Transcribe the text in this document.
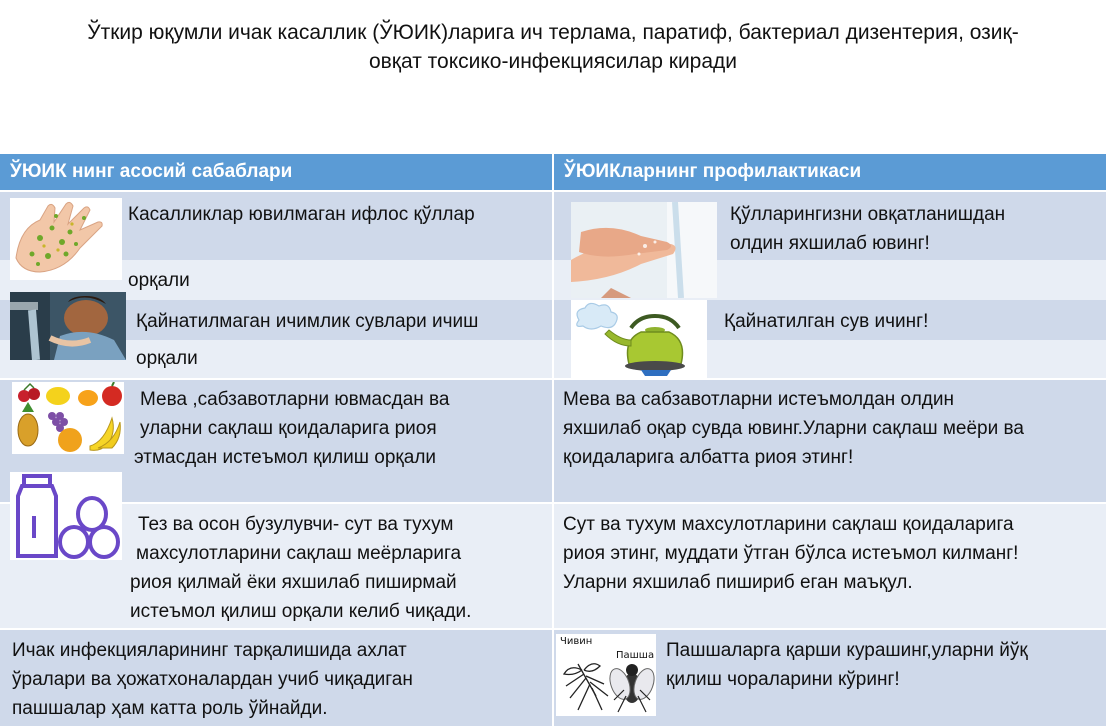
Ўткир юқумли ичак касаллик (ЎЮИК)ларига ич терлама, паратиф, бактериал дизентерия, озиқ-
овқат токсико-инфекциясилар киради
ЎЮИК нинг асосий сабаблари	ЎЮИКларнинг профилактикаси
Касалликлар ювилмаган ифлос қўллар
орқали
Қўлларингизни овқатланишдан
олдин яхшилаб ювинг!
Қайнатилмаган ичимлик сувлари ичиш
орқали
Қайнатилган сув ичинг!
Мева ,сабзавотларни ювмасдан ва
уларни сақлаш қоидаларига риоя
этмасдан истеъмол қилиш орқали
Мева ва сабзавотларни истеъмолдан олдин
яхшилаб оқар сувда ювинг.Уларни сақлаш меёри ва
қоидаларига албатта риоя этинг!
Тез ва осон бузулувчи- сут ва тухум
махсулотларини сақлаш меёрларига
риоя қилмай ёки яхшилаб пиширмай
истеъмол қилиш орқали келиб чиқади.
Сут ва тухум махсулотларини сақлаш қоидаларига
риоя этинг, муддати ўтган бўлса истеъмол килманг!
Уларни яхшилаб пишириб еган маъқул.
Ичак инфекцияларининг тарқалишида ахлат
ўралари ва ҳожатхоналардан учиб чиқадиган
пашшалар ҳам катта роль ўйнайди.
Чивин
Пашша Пашшаларга қарши курашинг,уларни йўқ
қилиш чораларини кўринг!
